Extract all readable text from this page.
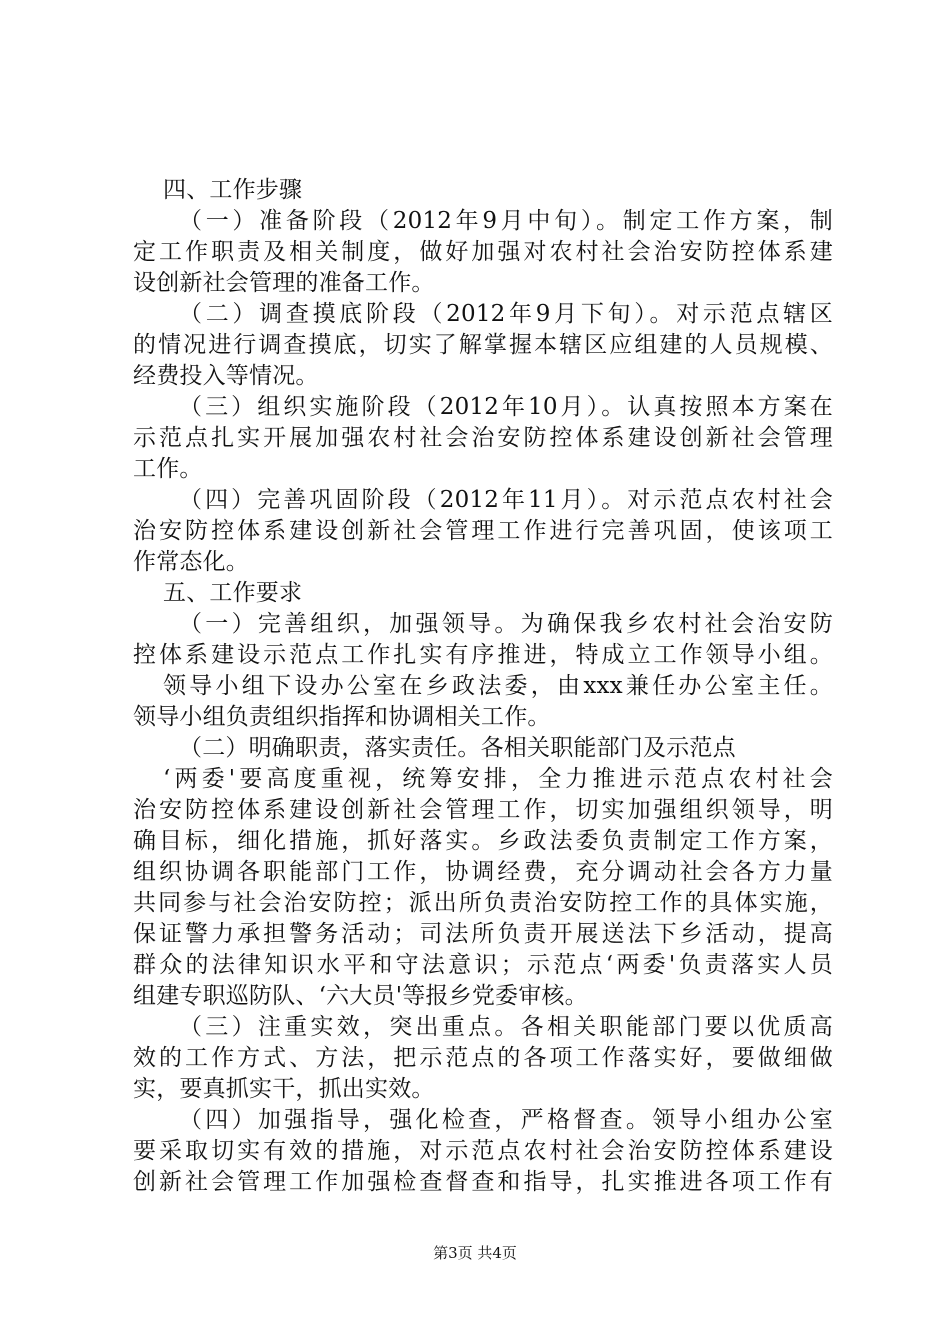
四、工作步骤
（一）准备阶段（2012年9月中旬）。制定工作方案，制
定工作职责及相关制度，做好加强对农村社会治安防控体系建
设创新社会管理的准备工作。
（二）调查摸底阶段（2012年9月下旬）。对示范点辖区
的情况进行调查摸底，切实了解掌握本辖区应组建的人员规模、
经费投入等情况。
（三）组织实施阶段（2012年10月）。认真按照本方案在
示范点扎实开展加强农村社会治安防控体系建设创新社会管理
工作。
（四）完善巩固阶段（2012年11月）。对示范点农村社会
治安防控体系建设创新社会管理工作进行完善巩固，使该项工
作常态化。
五、工作要求
（一）完善组织，加强领导。为确保我乡农村社会治安防
控体系建设示范点工作扎实有序推进，特成立工作领导小组。
领导小组下设办公室在乡政法委，由xxx兼任办公室主任。
领导小组负责组织指挥和协调相关工作。
（二）明确职责，落实责任。各相关职能部门及示范点
‘两委'要高度重视，统筹安排，全力推进示范点农村社会
治安防控体系建设创新社会管理工作，切实加强组织领导，明
确目标，细化措施，抓好落实。乡政法委负责制定工作方案，
组织协调各职能部门工作，协调经费，充分调动社会各方力量
共同参与社会治安防控；派出所负责治安防控工作的具体实施，
保证警力承担警务活动；司法所负责开展送法下乡活动，提高
群众的法律知识水平和守法意识；示范点‘两委'负责落实人员
组建专职巡防队、‘六大员'等报乡党委审核。
（三）注重实效，突出重点。各相关职能部门要以优质高
效的工作方式、方法，把示范点的各项工作落实好，要做细做
实，要真抓实干，抓出实效。
（四）加强指导，强化检查，严格督查。领导小组办公室
要采取切实有效的措施，对示范点农村社会治安防控体系建设
创新社会管理工作加强检查督查和指导，扎实推进各项工作有
第3页 共4页
